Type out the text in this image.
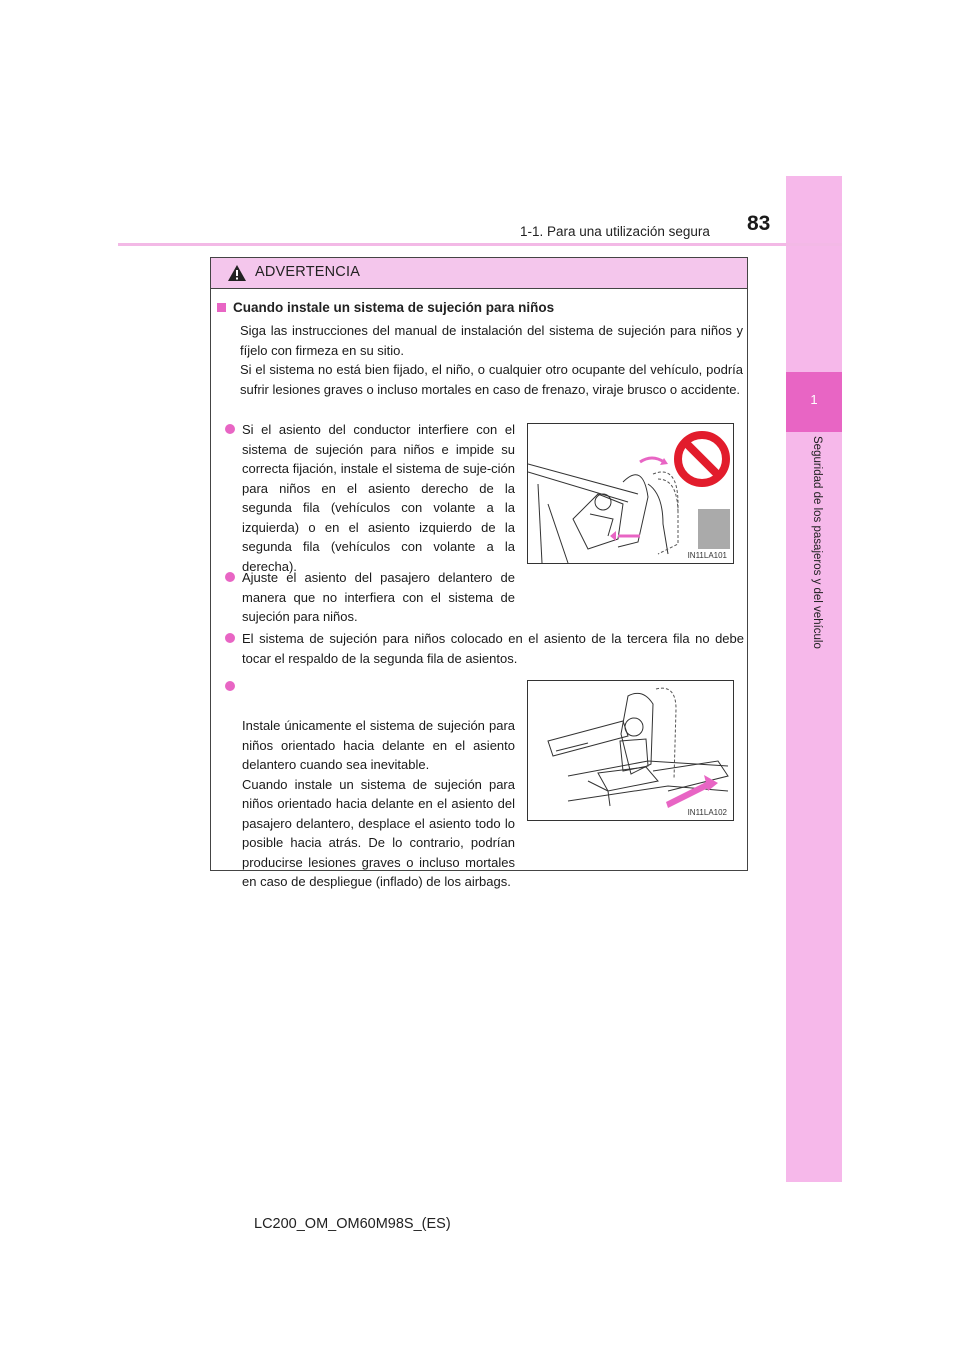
1
Seguridad de los pasajeros y del vehículo
1-1. Para una utilización segura 83
ADVERTENCIA
Cuando instale un sistema de sujeción para niños

Siga las instrucciones del manual de instalación del sistema de sujeción para niños y fíjelo con firmeza en su sitio.
Si el sistema no está bien fijado, el niño, o cualquier otro ocupante del vehículo, podría sufrir lesiones graves o incluso mortales en caso de frenazo, viraje brusco o accidente.

Si el asiento del conductor interfiere con el sistema de sujeción para niños e impide su correcta fijación, instale el sistema de suje-ción para niños en el asiento derecho de la segunda fila (vehículos con volante a la izquierda) o en el asiento izquierdo de la segunda fila (vehículos con volante a la derecha).
IN11LA101
Ajuste el asiento del pasajero delantero de manera que no interfiera con el sistema de sujeción para niños.
El sistema de sujeción para niños colocado en el asiento de la tercera fila no debe tocar el respaldo de la segunda fila de asientos.

Instale únicamente el sistema de sujeción para niños orientado hacia delante en el asiento delantero cuando sea inevitable.
Cuando instale un sistema de sujeción para niños orientado hacia delante en el asiento del pasajero delantero, desplace el asiento todo lo posible hacia atrás. De lo contrario, podrían producirse lesiones graves o incluso mortales en caso de despliegue (inflado) de los airbags.

IN11LA102
LC200_OM_OM60M98S_(ES)
